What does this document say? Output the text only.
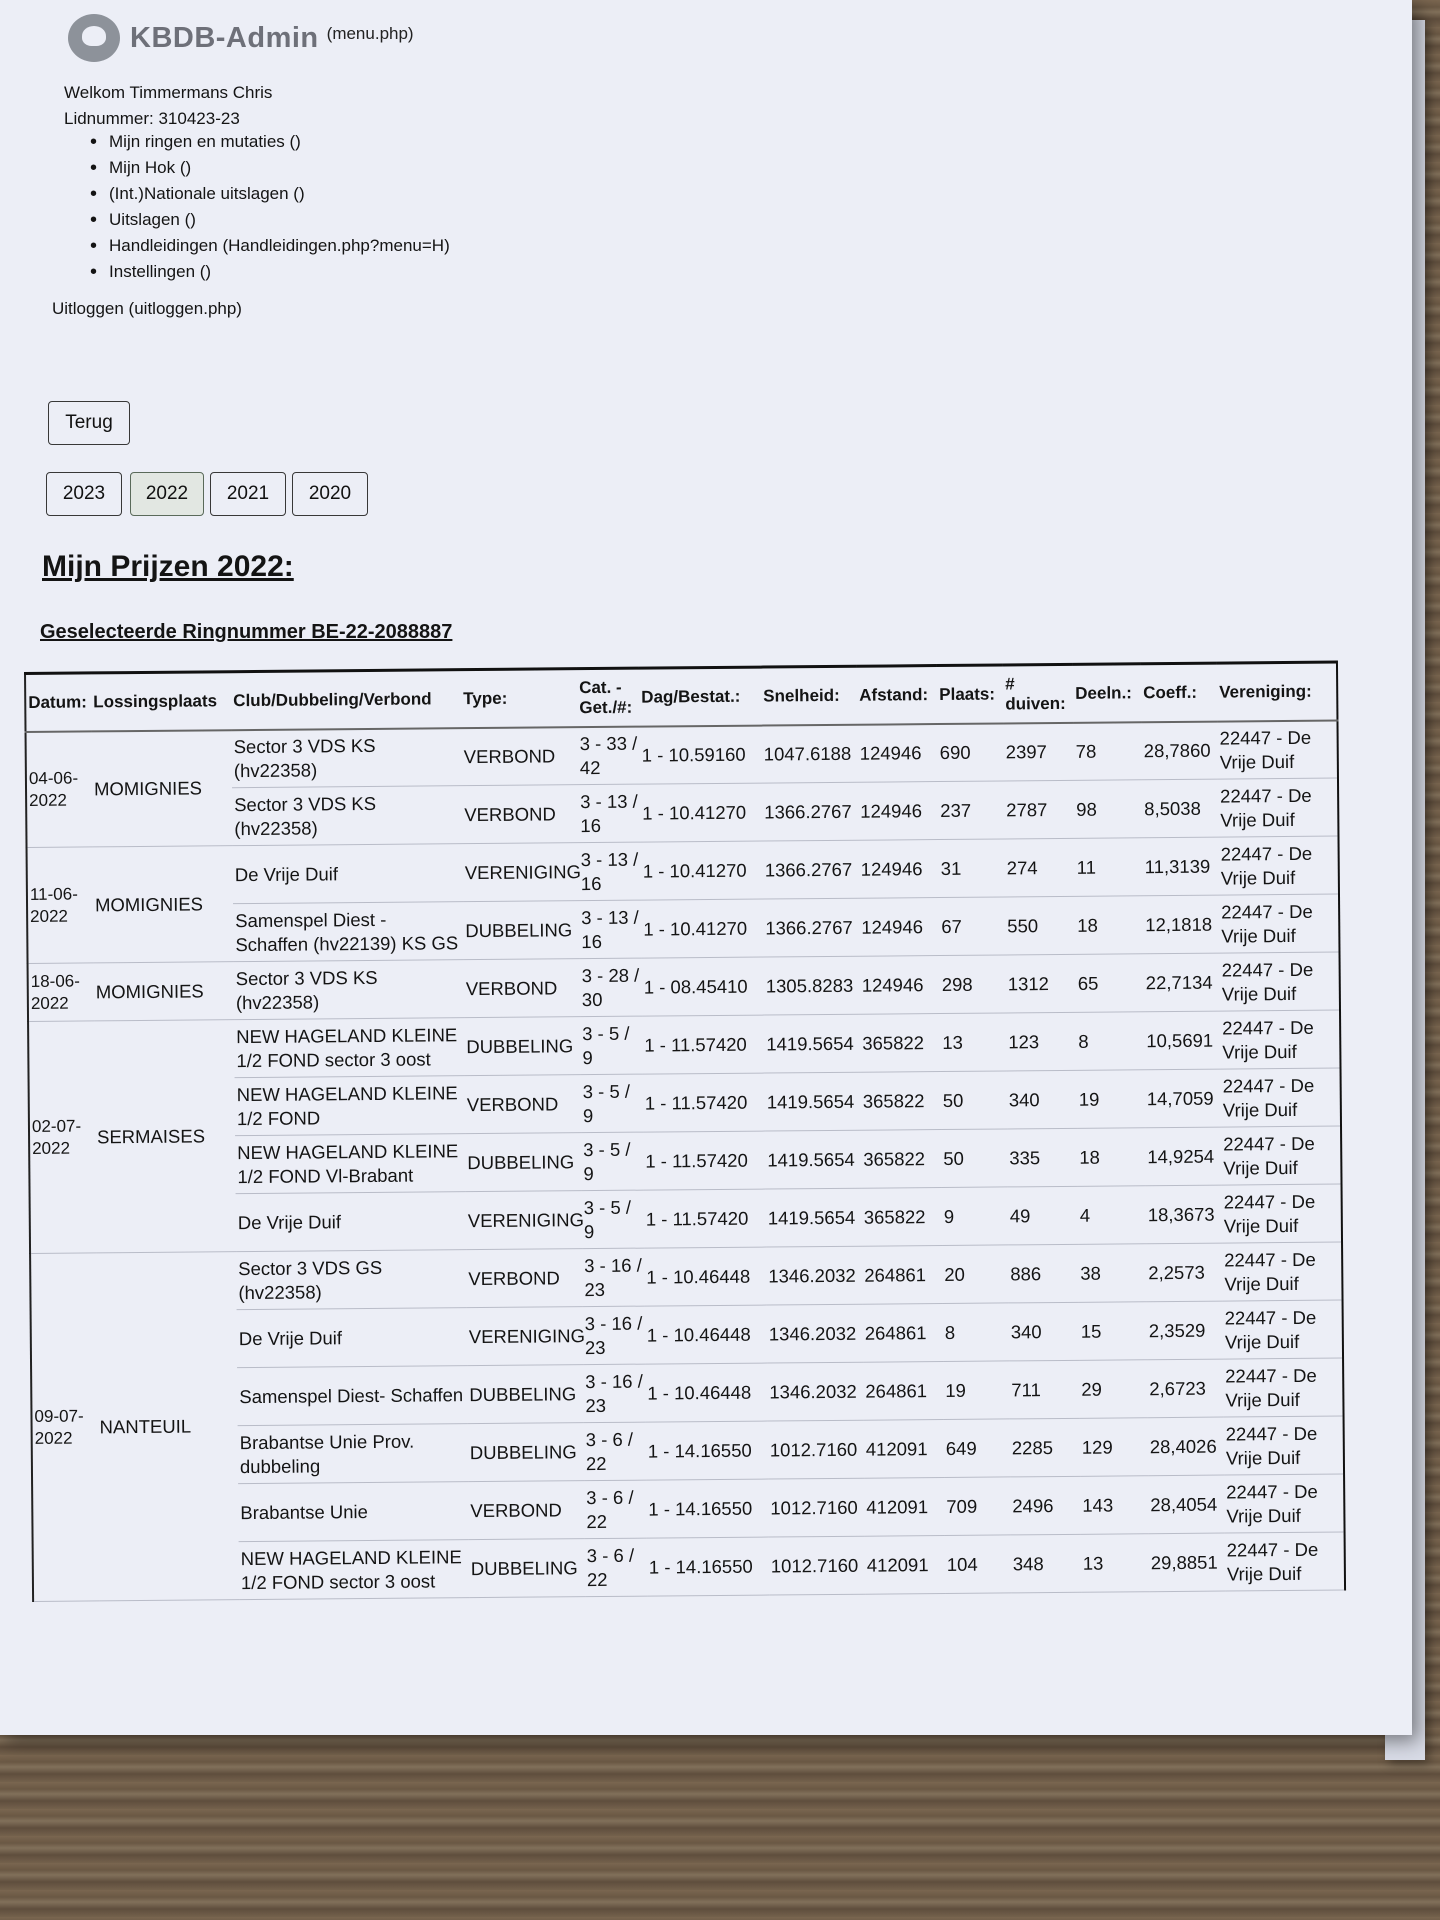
KBDB-Admin (menu.php)
Welkom Timmermans Chris
Lidnummer: 310423-23
• Mijn ringen en mutaties ()
• Mijn Hok ()
• (Int.)Nationale uitslagen ()
• Uitslagen ()
• Handleidingen (Handleidingen.php?menu=H)
• Instellingen ()
Uitloggen (uitloggen.php)
Terug
2023	2022	2021	2020
Mijn Prijzen 2022:
Geselecteerde Ringnummer BE-22-2088887
Datum:	Lossingsplaats	Club/Dubbeling/Verbond	Type:	Cat. - Get./#:	Dag/Bestat.:	Snelheid:	Afstand:	Plaats:	# duiven:	Deeln.:	Coeff.:	Vereniging:
04-06-2022	MOMIGNIES	Sector 3 VDS KS (hv22358)	VERBOND	3 - 33 / 42	1 - 10.59160	1047.6188	124946	690	2397	78	28,7860	22447 - De Vrije Duif
		Sector 3 VDS KS (hv22358)	VERBOND	3 - 13 / 16	1 - 10.41270	1366.2767	124946	237	2787	98	8,5038	22447 - De Vrije Duif
11-06-2022	MOMIGNIES	De Vrije Duif	VERENIGING	3 - 13 / 16	1 - 10.41270	1366.2767	124946	31	274	11	11,3139	22447 - De Vrije Duif
		Samenspel Diest - Schaffen (hv22139) KS GS	DUBBELING	3 - 13 / 16	1 - 10.41270	1366.2767	124946	67	550	18	12,1818	22447 - De Vrije Duif
18-06-2022	MOMIGNIES	Sector 3 VDS KS (hv22358)	VERBOND	3 - 28 / 30	1 - 08.45410	1305.8283	124946	298	1312	65	22,7134	22447 - De Vrije Duif
02-07-2022	SERMAISES	NEW HAGELAND KLEINE 1/2 FOND sector 3 oost	DUBBELING	3 - 5 / 9	1 - 11.57420	1419.5654	365822	13	123	8	10,5691	22447 - De Vrije Duif
		NEW HAGELAND KLEINE 1/2 FOND	VERBOND	3 - 5 / 9	1 - 11.57420	1419.5654	365822	50	340	19	14,7059	22447 - De Vrije Duif
		NEW HAGELAND KLEINE 1/2 FOND Vl-Brabant	DUBBELING	3 - 5 / 9	1 - 11.57420	1419.5654	365822	50	335	18	14,9254	22447 - De Vrije Duif
		De Vrije Duif	VERENIGING	3 - 5 / 9	1 - 11.57420	1419.5654	365822	9	49	4	18,3673	22447 - De Vrije Duif
09-07-2022	NANTEUIL	Sector 3 VDS GS (hv22358)	VERBOND	3 - 16 / 23	1 - 10.46448	1346.2032	264861	20	886	38	2,2573	22447 - De Vrije Duif
		De Vrije Duif	VERENIGING	3 - 16 / 23	1 - 10.46448	1346.2032	264861	8	340	15	2,3529	22447 - De Vrije Duif
		Samenspel Diest- Schaffen	DUBBELING	3 - 16 / 23	1 - 10.46448	1346.2032	264861	19	711	29	2,6723	22447 - De Vrije Duif
		Brabantse Unie Prov. dubbeling	DUBBELING	3 - 6 / 22	1 - 14.16550	1012.7160	412091	649	2285	129	28,4026	22447 - De Vrije Duif
		Brabantse Unie	VERBOND	3 - 6 / 22	1 - 14.16550	1012.7160	412091	709	2496	143	28,4054	22447 - De Vrije Duif
		NEW HAGELAND KLEINE 1/2 FOND sector 3 oost	DUBBELING	3 - 6 / 22	1 - 14.16550	1012.7160	412091	104	348	13	29,8851	22447 - De Vrije Duif
